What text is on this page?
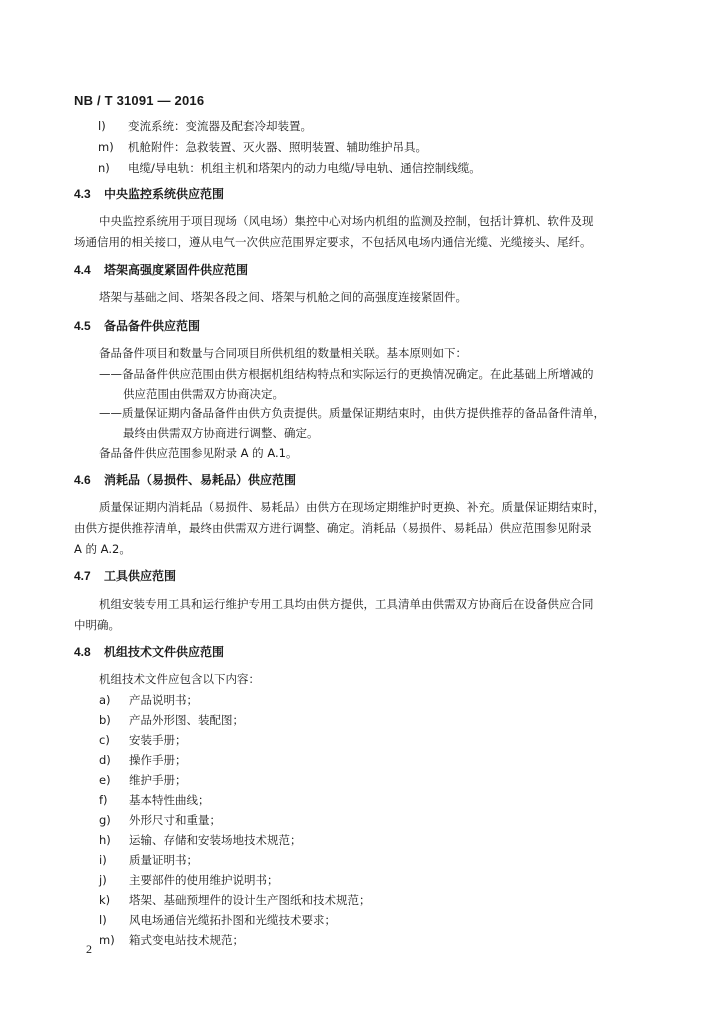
NB / T 31091 — 2016
l) 变流系统：变流器及配套冷却装置。
m) 机舱附件：急救装置、灭火器、照明装置、辅助维护吊具。
n) 电缆/导电轨：机组主机和塔架内的动力电缆/导电轨、通信控制线缆。
4.3 中央监控系统供应范围
中央监控系统用于项目现场（风电场）集控中心对场内机组的监测及控制，包括计算机、软件及现
场通信用的相关接口，遵从电气一次供应范围界定要求，不包括风电场内通信光缆、光缆接头、尾纤。
4.4 塔架高强度紧固件供应范围
塔架与基础之间、塔架各段之间、塔架与机舱之间的高强度连接紧固件。
4.5 备品备件供应范围
备品备件项目和数量与合同项目所供机组的数量相关联。基本原则如下：
——备品备件供应范围由供方根据机组结构特点和实际运行的更换情况确定。在此基础上所增减的
供应范围由供需双方协商决定。
——质量保证期内备品备件由供方负责提供。质量保证期结束时，由供方提供推荐的备品备件清单，
最终由供需双方协商进行调整、确定。
备品备件供应范围参见附录 A 的 A.1。
4.6 消耗品（易损件、易耗品）供应范围
质量保证期内消耗品（易损件、易耗品）由供方在现场定期维护时更换、补充。质量保证期结束时，
由供方提供推荐清单，最终由供需双方进行调整、确定。消耗品（易损件、易耗品）供应范围参见附录
A 的 A.2。
4.7 工具供应范围
机组安装专用工具和运行维护专用工具均由供方提供，工具清单由供需双方协商后在设备供应合同
中明确。
4.8 机组技术文件供应范围
机组技术文件应包含以下内容：
a) 产品说明书；
b) 产品外形图、装配图；
c) 安装手册；
d) 操作手册；
e) 维护手册；
f) 基本特性曲线；
g) 外形尺寸和重量；
h) 运输、存储和安装场地技术规范；
i) 质量证明书；
j) 主要部件的使用维护说明书；
k) 塔架、基础预埋件的设计生产图纸和技术规范；
l) 风电场通信光缆拓扑图和光缆技术要求；
m) 箱式变电站技术规范；
2
